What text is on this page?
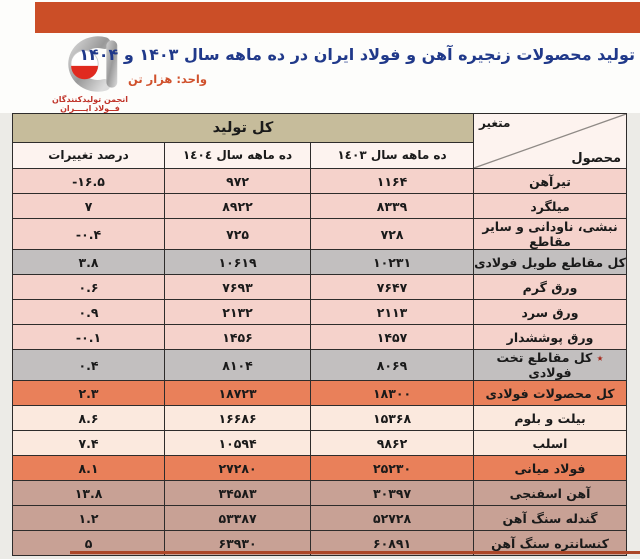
انجمن تولیدکنندگان
فــولاد ایــــران
تولید محصولات زنجیره آهن و فولاد ایران در ده ماهه سال ۱۴۰۳ و ۱۴۰۴
واحد: هزار تن
متغیر
محصول	کل تولید		
	ده ماهه سال ١٤٠٣	ده ماهه سال ١٤٠٤	درصد تغییرات
تیرآهن	۱۱۶۴	۹۷۲	-۱۶.۵
میلگرد	۸۳۳۹	۸۹۲۲	۷
نبشی، ناودانی و سایر مقاطع	۷۲۸	۷۲۵	-۰.۴
کل مقاطع طویل فولادی	۱۰۲۳۱	۱۰۶۱۹	۳.۸
ورق گرم	۷۶۴۷	۷۶۹۳	۰.۶
ورق سرد	۲۱۱۳	۲۱۳۲	۰.۹
ورق پوششدار	۱۴۵۷	۱۴۵۶	-۰.۱
٭ کل مقاطع تخت فولادی	۸۰۶۹	۸۱۰۴	۰.۴
کل محصولات فولادی	۱۸۳۰۰	۱۸۷۲۳	۲.۳
بیلت و بلوم	۱۵۳۶۸	۱۶۶۸۶	۸.۶
اسلب	۹۸۶۲	۱۰۵۹۴	۷.۴
فولاد میانی	۲۵۲۳۰	۲۷۲۸۰	۸.۱
آهن اسفنجی	۳۰۳۹۷	۳۴۵۸۳	۱۳.۸
گندله سنگ آهن	۵۲۷۲۸	۵۳۳۸۷	۱.۲
کنسانتره سنگ آهن	۶۰۸۹۱	۶۳۹۳۰	۵
